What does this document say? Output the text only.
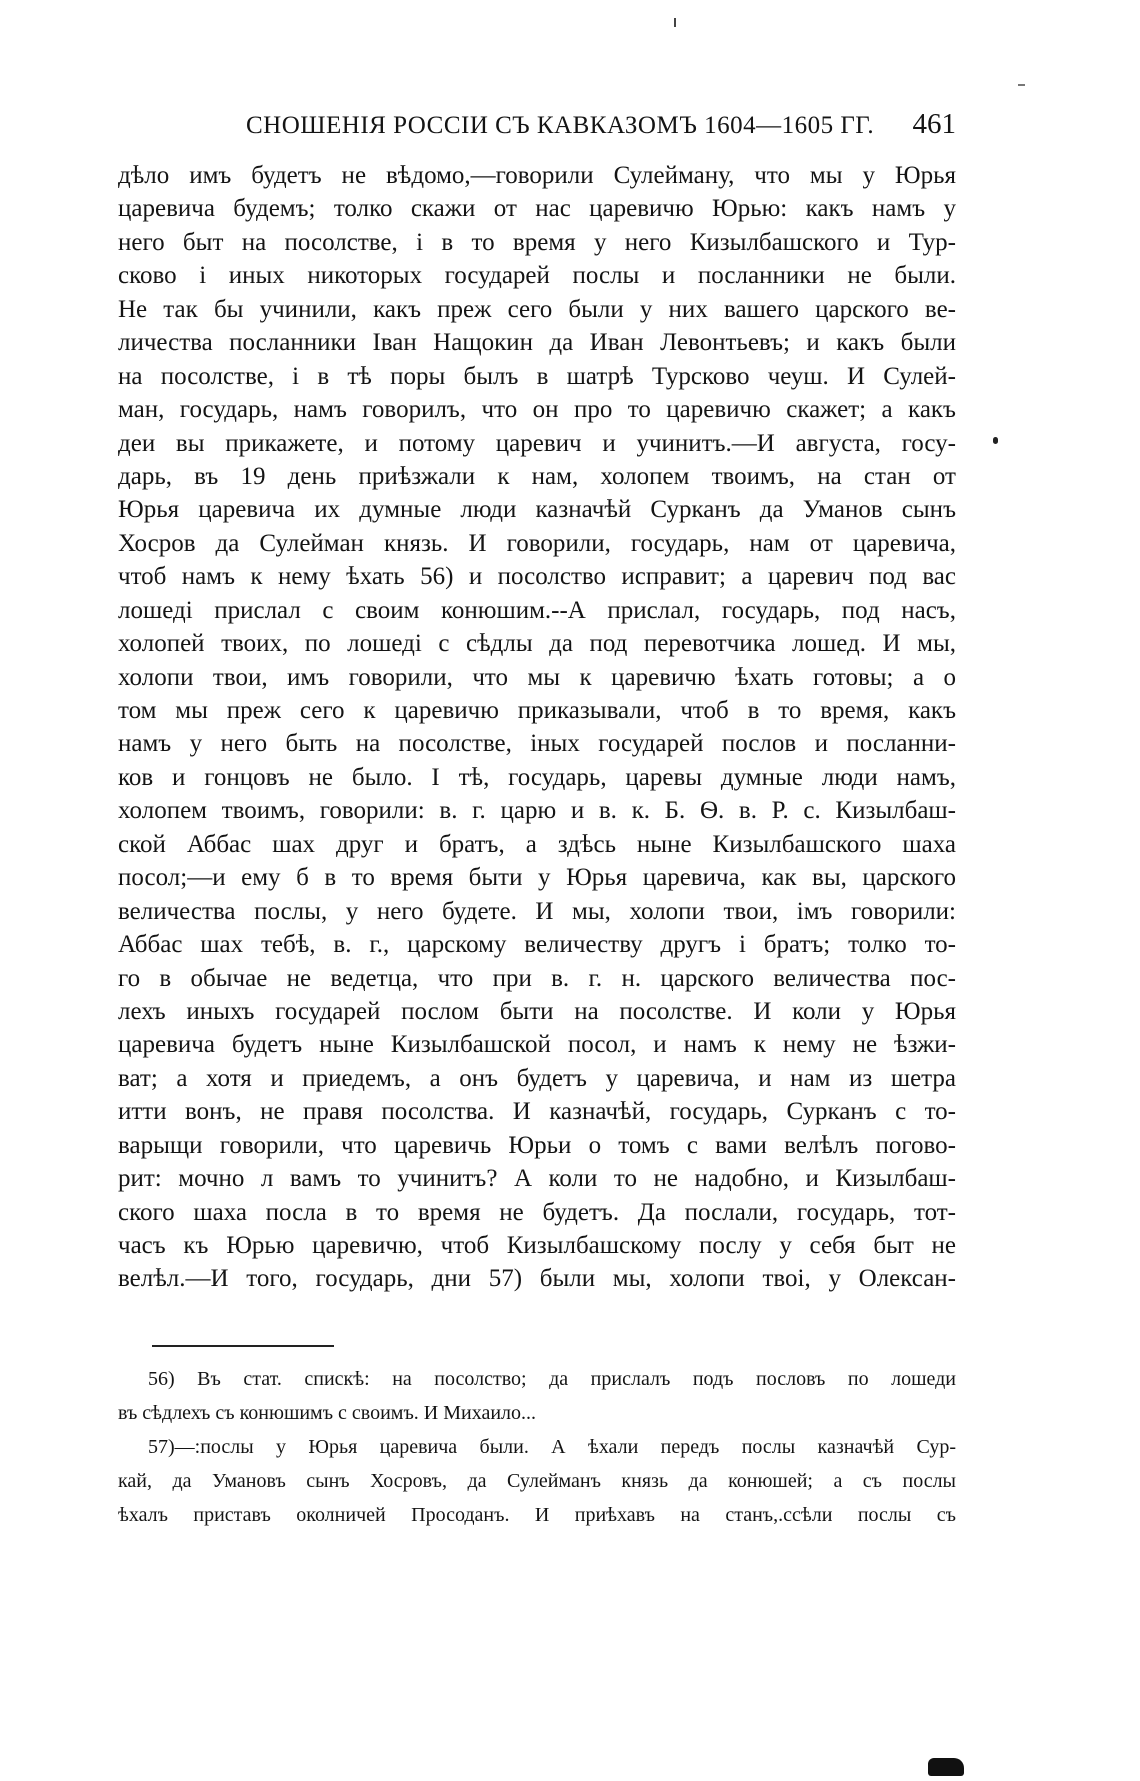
СНОШЕНІЯ РОССІИ СЪ КАВКАЗОМЪ 1604—1605 ГГ. 461
дѣло имъ будетъ не вѣдомо,—говорили Сулейману, что мы у Юрья
царевича будемъ; толко скажи от нас царевичю Юрью: какъ намъ у
него быт на посолстве, і в то время у него Кизылбашского и Тур-
сково і иных никоторых государей послы и посланники не были.
Не так бы учинили, какъ преж сего были у них вашего царского ве-
личества посланники Іван Нащокин да Иван Левонтьевъ; и какъ были
на посолстве, і в тѣ поры былъ в шатрѣ Турсково чеуш. И Сулей-
ман, государь, намъ говорилъ, что он про то царевичю скажет; а какъ
деи вы прикажете, и потому царевич и учинитъ.—И августа, госу-
дарь, въ 19 день приѣзжали к нам, холопем твоимъ, на стан от
Юрья царевича их думные люди казначѣй Сурканъ да Уманов сынъ
Хосров да Сулейман князь. И говорили, государь, нам от царевича,
чтоб намъ к нему ѣхать 56) и посолство исправит; а царевич под вас
лошеді прислал с своим конюшим.--А прислал, государь, под насъ,
холопей твоих, по лошеді с сѣдлы да под перевотчика лошед. И мы,
холопи твои, имъ говорили, что мы к царевичю ѣхать готовы; а о
том мы преж сего к царевичю приказывали, чтоб в то время, какъ
намъ у него быть на посолстве, іных государей послов и посланни-
ков и гонцовъ не было. І тѣ, государь, царевы думные люди намъ,
холопем твоимъ, говорили: в. г. царю и в. к. Б. Ѳ. в. Р. с. Кизылбаш-
ской Аббас шах друг и братъ, а здѣсь ныне Кизылбашского шаха
посол;—и ему б в то время быти у Юрья царевича, как вы, царского
величества послы, у него будете. И мы, холопи твои, імъ говорили:
Аббас шах тебѣ, в. г., царскому величеству другъ і братъ; толко то-
го в обычае не ведетца, что при в. г. н. царского величества пос-
лехъ иныхъ государей послом быти на посолстве. И коли у Юрья
царевича будетъ ныне Кизылбашской посол, и намъ к нему не ѣзжи-
ват; а хотя и приедемъ, а онъ будетъ у царевича, и нам из шетра
итти вонъ, не правя посолства. И казначѣй, государь, Сурканъ с то-
варыщи говорили, что царевичь Юрьи о томъ с вами велѣлъ погово-
рит: мочно л вамъ то учинитъ? А коли то не надобно, и Кизылбаш-
ского шаха посла в то время не будетъ. Да послали, государь, тот-
часъ къ Юрью царевичю, чтоб Кизылбашскому послу у себя быт не
велѣл.—И того, государь, дни 57) были мы, холопи твоі, у Олексан-
56) Въ стат. спискѣ: на посолство; да прислалъ подъ пословъ по лошеди
въ сѣдлехъ съ конюшимъ с своимъ. И Михаило...
57)—:послы у Юрья царевича были. А ѣхали передъ послы казначѣй Сур-
кай, да Умановъ сынъ Хосровъ, да Сулейманъ князь да конюшей; а съ послы
ѣхалъ приставъ околничей Просоданъ. И приѣхавъ на станъ,.ссѣли послы съ
